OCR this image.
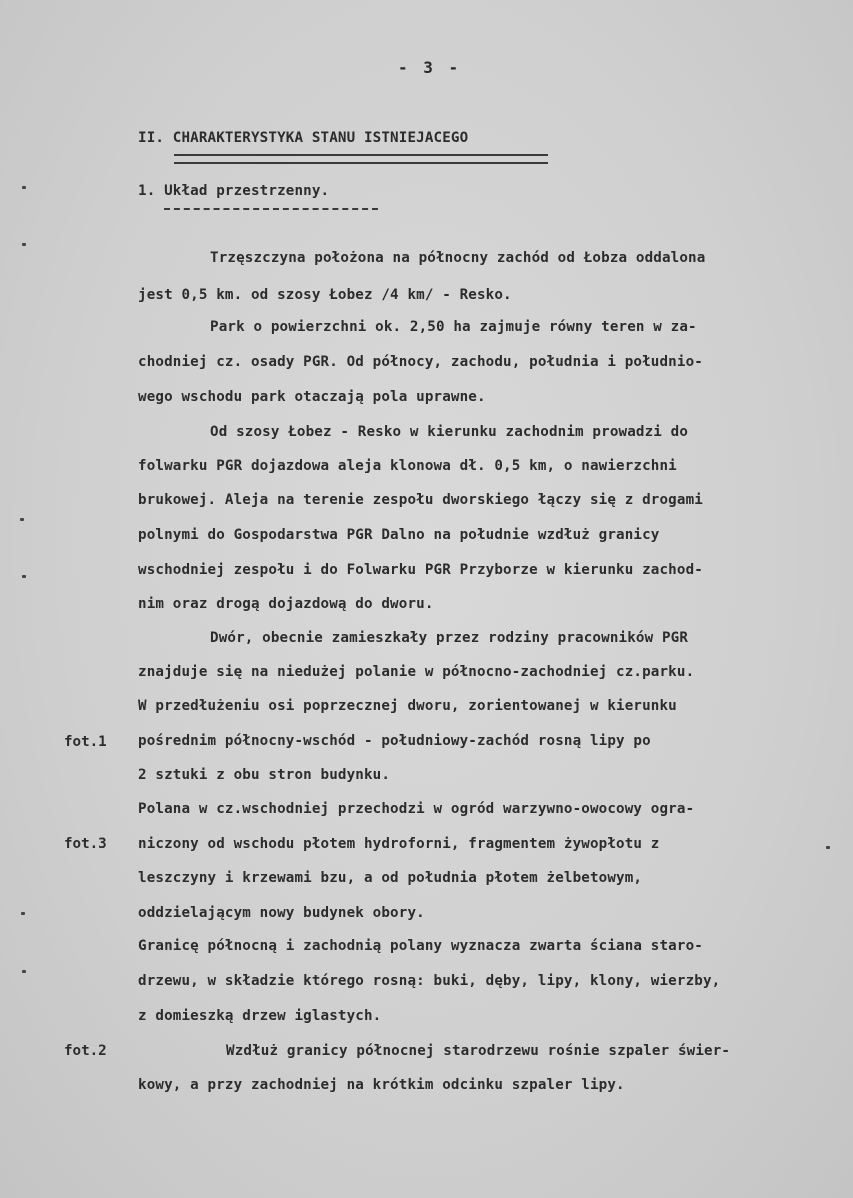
- 3 -
II. CHARAKTERYSTYKA STANU ISTNIEJACEGO
1. Układ przestrzenny.
Trzęszczyna położona na północny zachód od Łobza oddalona
jest 0,5 km. od szosy Łobez /4 km/ - Resko.
Park o powierzchni ok. 2,50 ha zajmuje równy teren w za-
chodniej cz. osady PGR. Od północy, zachodu, południa i południo-
wego wschodu park otaczają pola uprawne.
Od szosy Łobez - Resko w kierunku zachodnim prowadzi do
folwarku PGR dojazdowa aleja klonowa dł. 0,5 km, o nawierzchni
brukowej. Aleja na terenie zespołu dworskiego łączy się z drogami
polnymi do Gospodarstwa PGR Dalno na południe wzdłuż granicy
wschodniej zespołu i do Folwarku PGR Przyborze w kierunku zachod-
nim oraz drogą dojazdową do dworu.
Dwór, obecnie zamieszkały przez rodziny pracowników PGR
znajduje się na niedużej polanie w północno-zachodniej cz.parku.
W przedłużeniu osi poprzecznej dworu, zorientowanej w kierunku
pośrednim północny-wschód - południowy-zachód rosną lipy po
2 sztuki z obu stron budynku.
Polana w cz.wschodniej przechodzi w ogród warzywno-owocowy ogra-
niczony od wschodu płotem hydroforni, fragmentem żywopłotu z
leszczyny i krzewami bzu, a od południa płotem żelbetowym,
oddzielającym nowy budynek obory.
Granicę północną i zachodnią polany wyznacza zwarta ściana staro-
drzewu, w składzie którego rosną: buki, dęby, lipy, klony, wierzby,
z domieszką drzew iglastych.
Wzdłuż granicy północnej starodrzewu rośnie szpaler świer-
kowy, a przy zachodniej na krótkim odcinku szpaler lipy.
fot.1
fot.3
fot.2
